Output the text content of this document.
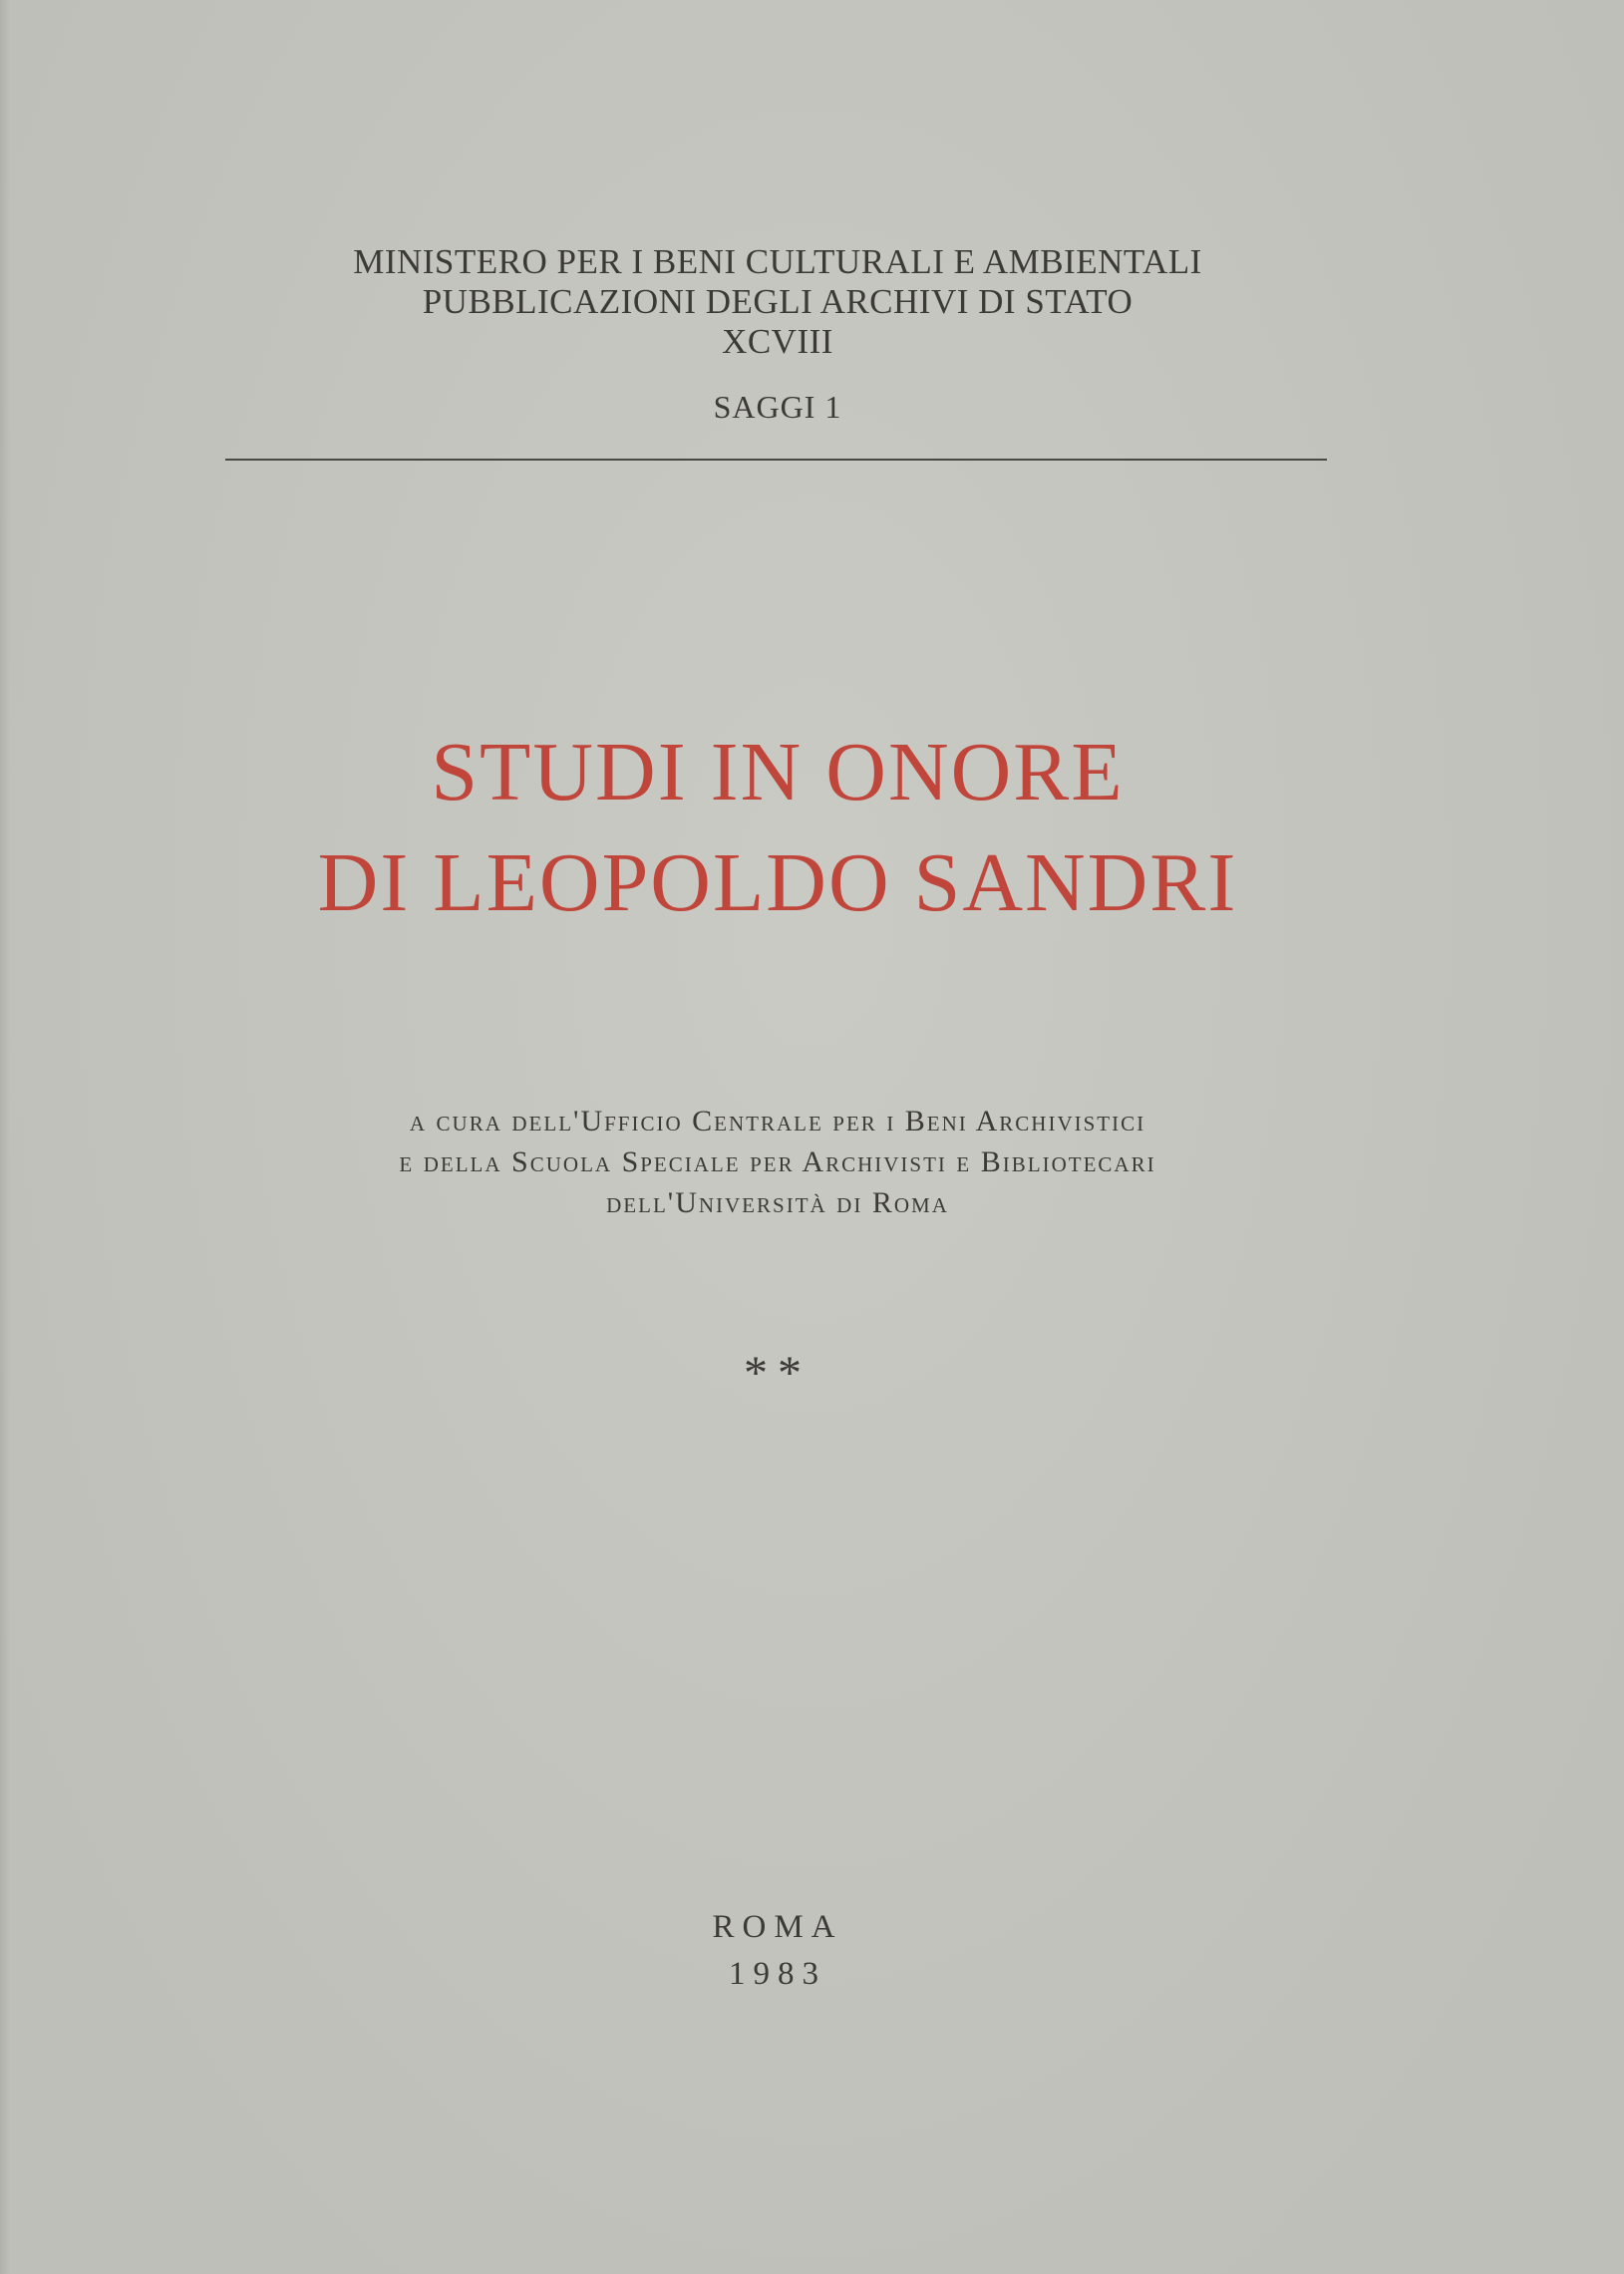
MINISTERO PER I BENI CULTURALI E AMBIENTALI
PUBBLICAZIONI DEGLI ARCHIVI DI STATO
XCVIII
SAGGI 1
STUDI IN ONORE
DI LEOPOLDO SANDRI
a cura dell'Ufficio Centrale per i Beni Archivistici
e della Scuola Speciale per Archivisti e Bibliotecari
dell'Università di Roma
**
ROMA
1983
